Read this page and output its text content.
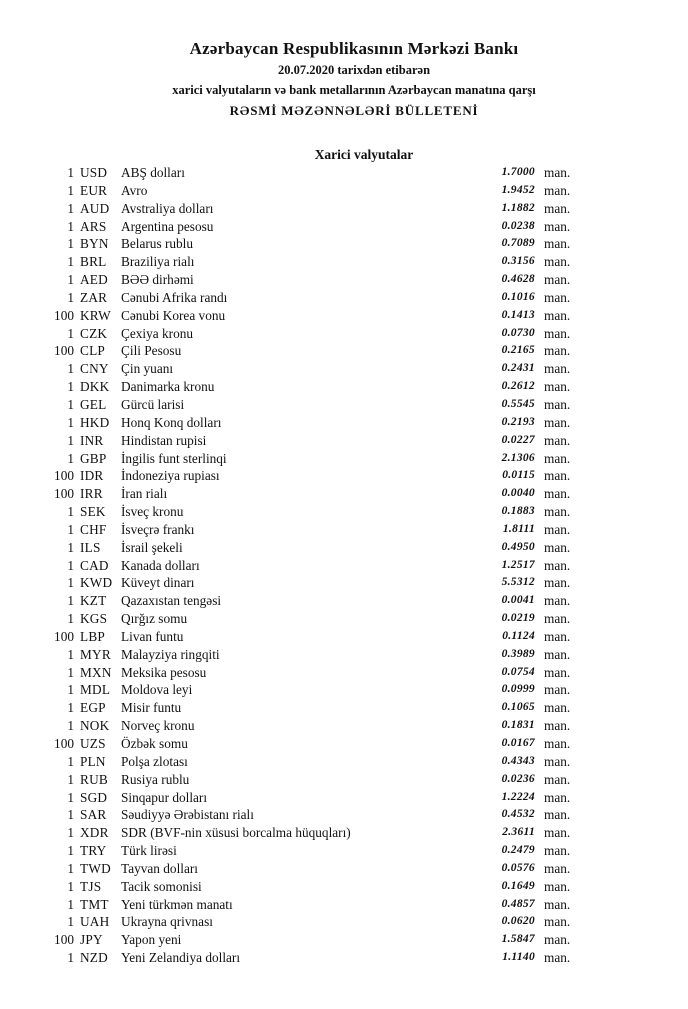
Azərbaycan Respublikasının Mərkəzi Bankı
20.07.2020 tarixdən etibarən
xarici valyutaların və bank metallarının Azərbaycan manatına qarşı
RƏSMİ MƏZƏNNƏLƏRİ BÜLLETENİ
Xarici valyutalar
1 USD	ABŞ dolları	1.7000 man.
1 EUR	Avro	1.9452 man.
1 AUD Avstraliya dolları	1.1882 man.
1 ARS	Argentina pesosu	0.0238 man.
1 BYN Belarus rublu	0.7089 man.
1 BRL	Braziliya rialı	0.3156 man.
1 AED BƏƏ dirhəmi	0.4628 man.
1 ZAR	Cənubi Afrika randı	0.1016 man.
100 KRW Cənubi Korea vonu	0.1413 man.
1 CZK	Çexiya kronu	0.0730 man.
100 CLP	Çili Pesosu	0.2165 man.
1 CNY Çin yuanı	0.2431 man.
1 DKK Danimarka kronu	0.2612 man.
1 GEL	Gürcü larisi	0.5545 man.
1 HKD Honq Konq dolları	0.2193 man.
1 INR	Hindistan rupisi	0.0227 man.
1 GBP	İngilis funt sterlinqi	2.1306 man.
100 IDR	İndoneziya rupiası	0.0115 man.
100 IRR	İran rialı	0.0040 man.
1 SEK	İsveç kronu	0.1883 man.
1 CHF	İsveçrə frankı	1.8111 man.
1 ILS	İsrail şekeli	0.4950 man.
1 CAD Kanada dolları	1.2517 man.
1 KWD Küveyt dinarı	5.5312 man.
1 KZT	Qazaxıstan tengəsi	0.0041 man.
1 KGS	Qırğız somu	0.0219 man.
100 LBP	Livan funtu	0.1124 man.
1 MYR Malayziya ringqiti	0.3989 man.
1 MXN Meksika pesosu	0.0754 man.
1 MDL Moldova leyi	0.0999 man.
1 EGP	Misir funtu	0.1065 man.
1 NOK Norveç kronu	0.1831 man.
100 UZS	Özbək somu	0.0167 man.
1 PLN	Polşa zlotası	0.4343 man.
1 RUB Rusiya rublu	0.0236 man.
1 SGD	Sinqapur dolları	1.2224 man.
1 SAR	Səudiyyə Ərəbistanı rialı	0.4532 man.
1 XDR SDR (BVF-nin xüsusi borcalma hüquqları)	2.3611 man.
1 TRY	Türk lirəsi	0.2479 man.
1 TWD Tayvan dolları	0.0576 man.
1 TJS	Tacik somonisi	0.1649 man.
1 TMT Yeni türkmən manatı	0.4857 man.
1 UAH Ukrayna qrivnası	0.0620 man.
100 JPY	Yapon yeni	1.5847 man.
1 NZD Yeni Zelandiya dolları	1.1140 man.
